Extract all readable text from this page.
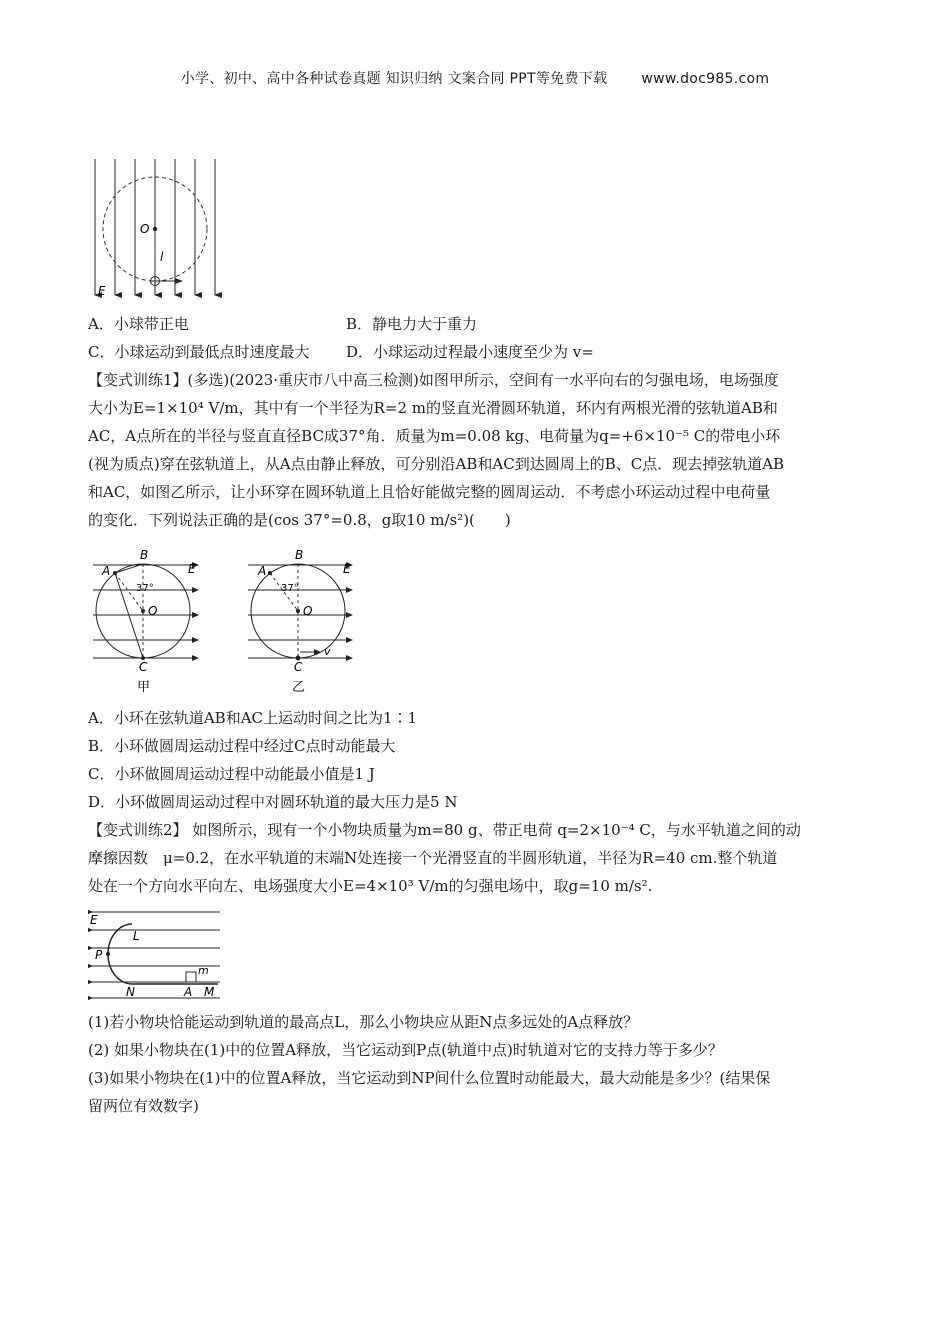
小学、初中、高中各种试卷真题 知识归纳 文案合同 PPT等免费下载 www.doc985.com
O
l
E
A．小球带正电	B．静电力大于重力
C．小球运动到最低点时速度最大	D．小球运动过程最小速度至少为 v=
【变式训练1】(多选)(2023·重庆市八中高三检测)如图甲所示，空间有一水平向右的匀强电场，电场强度
大小为E=1×10⁴ V/m，其中有一个半径为R=2 m的竖直光滑圆环轨道，环内有两根光滑的弦轨道AB和
AC，A点所在的半径与竖直直径BC成37°角．质量为m=0.08 kg、电荷量为q=+6×10⁻⁵ C的带电小环
(视为质点)穿在弦轨道上，从A点由静止释放，可分别沿AB和AC到达圆周上的B、C点．现去掉弦轨道AB
和AC，如图乙所示，让小环穿在圆环轨道上且恰好能做完整的圆周运动．不考虑小环运动过程中电荷量
的变化．下列说法正确的是(cos 37°=0.8，g取10 m/s²)(　　)
B
A
37°
O
C
E
甲
B
A
37°
O
C
v
E
乙
A．小环在弦轨道AB和AC上运动时间之比为1∶1
B．小环做圆周运动过程中经过C点时动能最大
C．小环做圆周运动过程中动能最小值是1 J
D．小环做圆周运动过程中对圆环轨道的最大压力是5 N
【变式训练2】 如图所示，现有一个小物块质量为m=80 g、带正电荷 q=2×10⁻⁴ C，与水平轨道之间的动
摩擦因数　μ=0.2，在水平轨道的末端N处连接一个光滑竖直的半圆形轨道，半径为R=40 cm.整个轨道
处在一个方向水平向左、电场强度大小E=4×10³ V/m的匀强电场中，取g=10 m/s².
E
L
P
N	A M
m
(1)若小物块恰能运动到轨道的最高点L，那么小物块应从距N点多远处的A点释放？
(2) 如果小物块在(1)中的位置A释放，当它运动到P点(轨道中点)时轨道对它的支持力等于多少？
(3)如果小物块在(1)中的位置A释放，当它运动到NP间什么位置时动能最大，最大动能是多少？(结果保
留两位有效数字)
